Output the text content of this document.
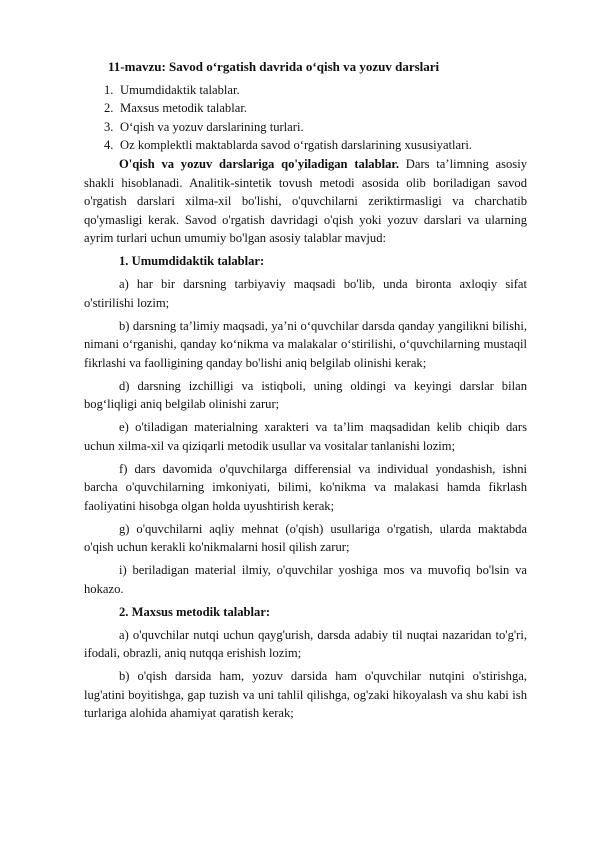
11-mavzu: Savod o‘rgatish davrida o‘qish va yozuv darslari
1. Umumdidaktik talablar.
2. Maxsus metodik talablar.
3. O‘qish va yozuv darslarining turlari.
4. Oz komplektli maktablarda savod o‘rgatish darslarining xususiyatlari.

O'qish va yozuv darslariga qo'yiladigan talablar. Dars ta’limning asosiy shakli hisoblanadi. Analitik-sintetik tovush metodi asosida olib boriladigan savod o'rgatish darslari xilma-xil bo'lishi, o'quvchilarni zeriktirmasligi va charchatib qo'ymasligi kerak. Savod o'rgatish davridagi o'qish yoki yozuv darslari va ularning ayrim turlari uchun umumiy bo'lgan asosiy talablar mavjud:

1. Umumdidaktik talablar:

a) har bir darsning tarbiyaviy maqsadi bo'lib, unda bironta axloqiy sifat o'stirilishi lozim;

b) darsning ta’limiy maqsadi, ya’ni o‘quvchilar darsda qanday yangilikni bilishi, nimani o‘rganishi, qanday ko‘nikma va malakalar o‘stirilishi, o‘quvchilarning mustaqil fikrlashi va faolligining qanday bo'lishi aniq belgilab olinishi kerak;

d) darsning izchilligi va istiqboli, uning oldingi va keyingi darslar bilan bog‘liqligi aniq belgilab olinishi zarur;

e) o'tiladigan materialning xarakteri va ta’lim maqsadidan kelib chiqib dars uchun xilma-xil va qiziqarli metodik usullar va vositalar tanlanishi lozim;

f) dars davomida o'quvchilarga differensial va individual yondashish, ishni barcha o'quvchilarning imkoniyati, bilimi, ko'nikma va malakasi hamda fikrlash faoliyatini hisobga olgan holda uyushtirish kerak;

g) o'quvchilarni aqliy mehnat (o'qish) usullariga o'rgatish, ularda maktabda o'qish uchun kerakli ko'nikmalarni hosil qilish zarur;

i) beriladigan material ilmiy, o'quvchilar yoshiga mos va muvofiq bo'lsin va hokazo.

2. Maxsus metodik talablar:

a) o'quvchilar nutqi uchun qayg'urish, darsda adabiy til nuqtai nazaridan to'g'ri, ifodali, obrazli, aniq nutqqa erishish lozim;

b) o'qish darsida ham, yozuv darsida ham o'quvchilar nutqini o'stirishga, lug'atini boyitishga, gap tuzish va uni tahlil qilishga, og'zaki hikoyalash va shu kabi ish turlariga alohida ahamiyat qaratish kerak;
